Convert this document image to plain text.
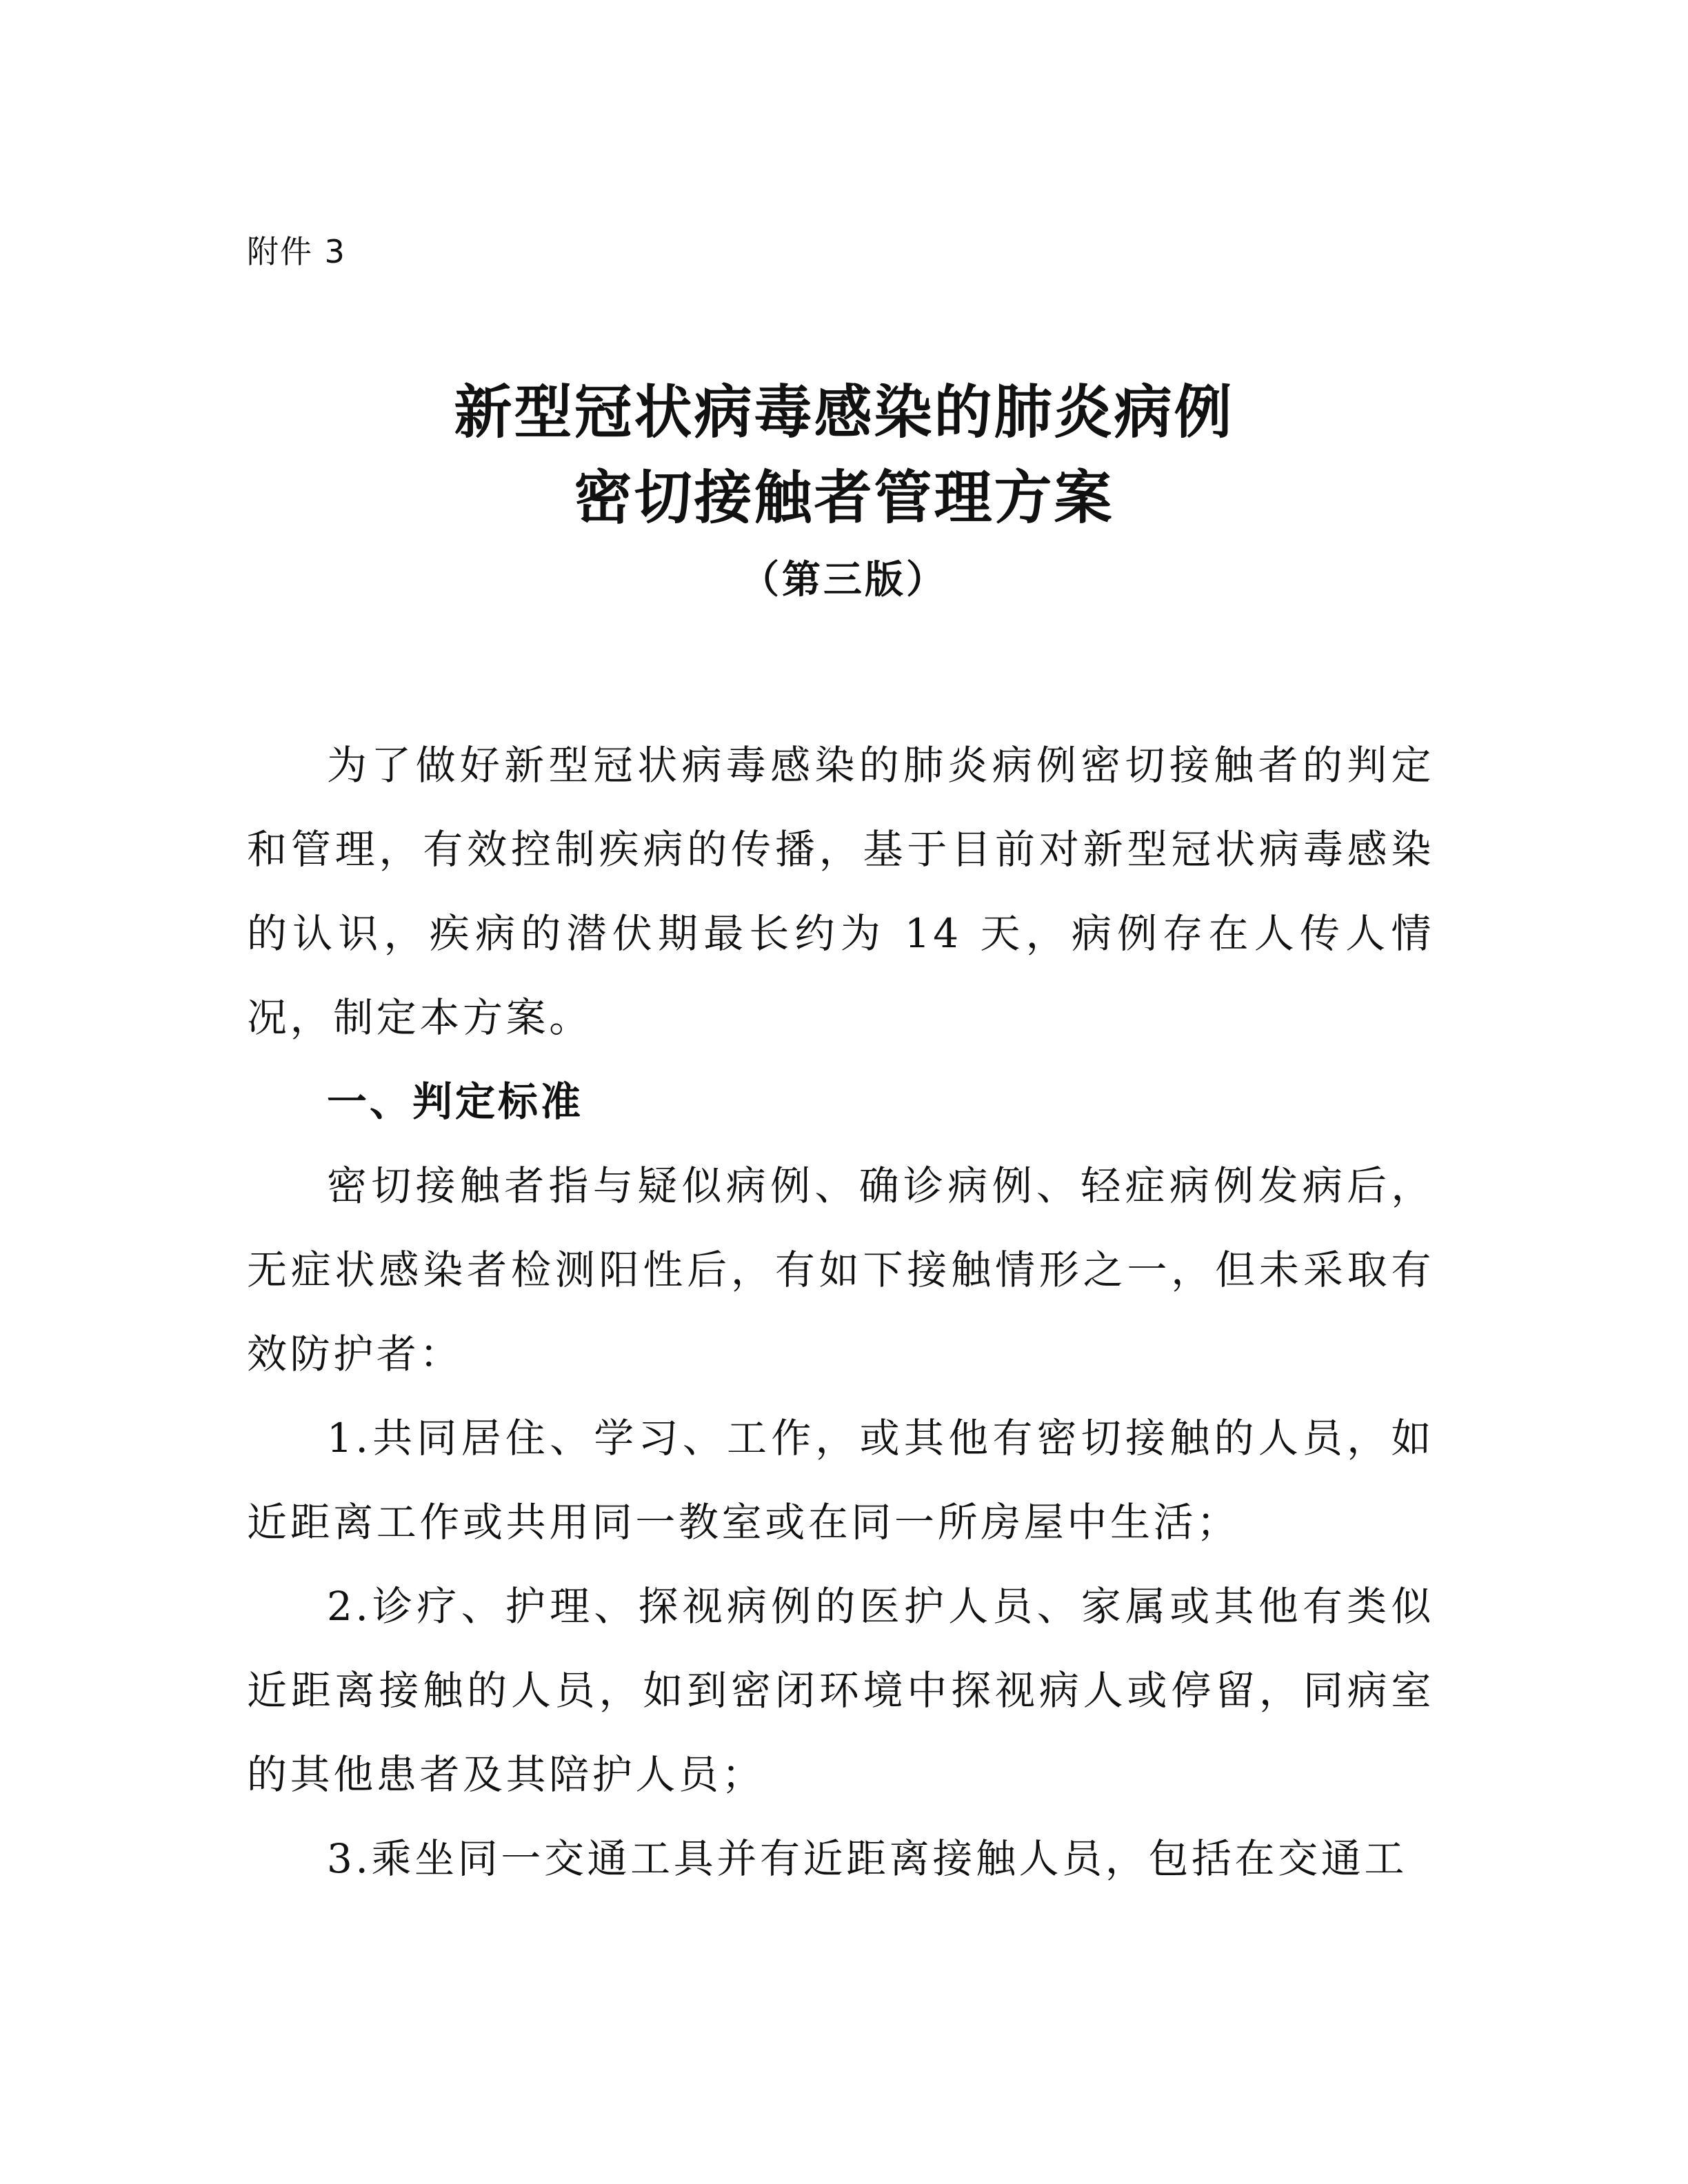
附件 3
新型冠状病毒感染的肺炎病例
密切接触者管理方案
（第三版）

为了做好新型冠状病毒感染的肺炎病例密切接触者的判定和管理，有效控制疾病的传播，基于目前对新型冠状病毒感染的认识，疾病的潜伏期最长约为 14 天，病例存在人传人情况，制定本方案。

一、判定标准

密切接触者指与疑似病例、确诊病例、轻症病例发病后，无症状感染者检测阳性后，有如下接触情形之一，但未采取有效防护者：

1.共同居住、学习、工作，或其他有密切接触的人员，如近距离工作或共用同一教室或在同一所房屋中生活；

2.诊疗、护理、探视病例的医护人员、家属或其他有类似近距离接触的人员，如到密闭环境中探视病人或停留，同病室的其他患者及其陪护人员；

3.乘坐同一交通工具并有近距离接触人员，包括在交通工
